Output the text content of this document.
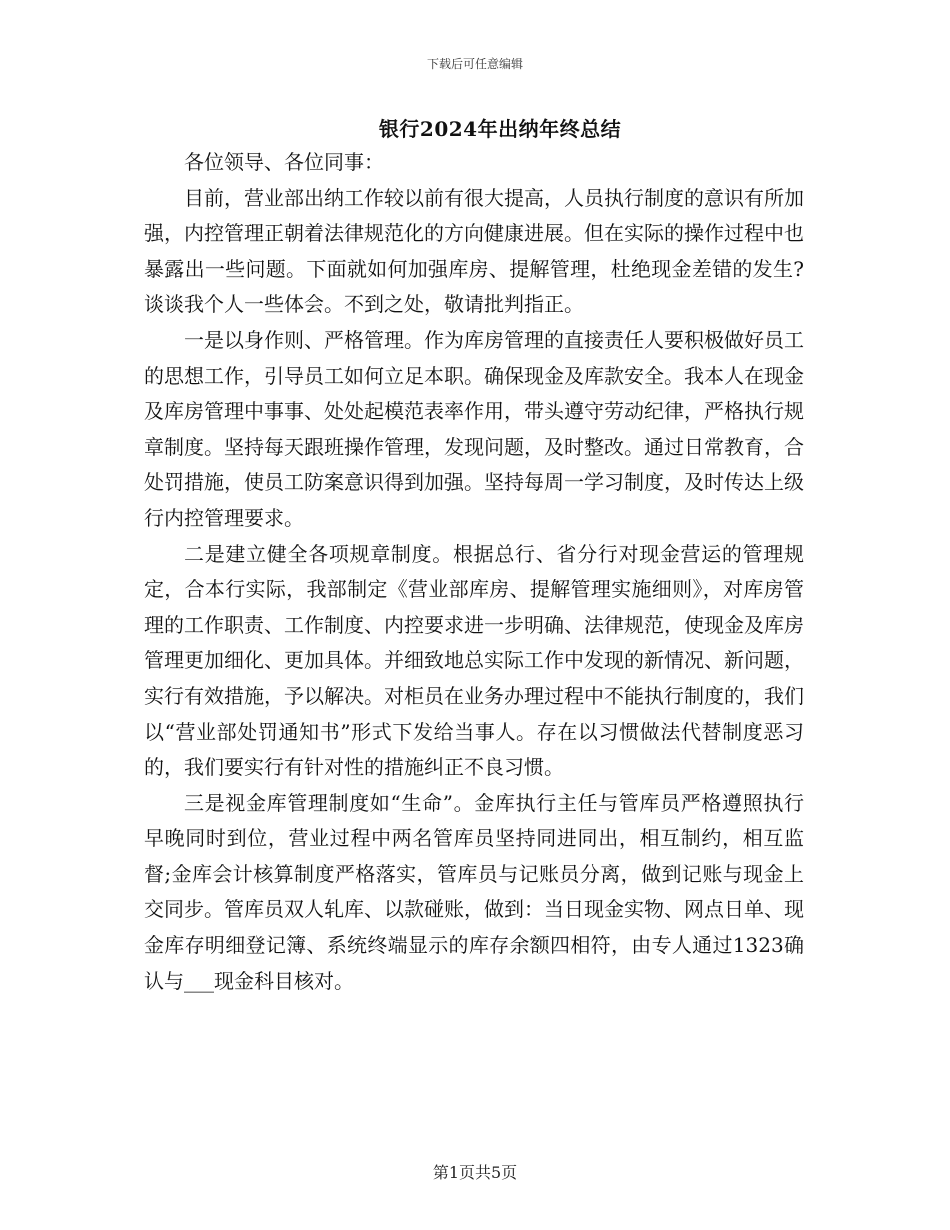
下载后可任意编辑
银行2024年出纳年终总结

各位领导、各位同事：

目前，营业部出纳工作较以前有很大提高，人员执行制度的意识有所加强，内控管理正朝着法律规范化的方向健康进展。但在实际的操作过程中也暴露出一些问题。下面就如何加强库房、提解管理，杜绝现金差错的发生?谈谈我个人一些体会。不到之处，敬请批判指正。

一是以身作则、严格管理。作为库房管理的直接责任人要积极做好员工的思想工作，引导员工如何立足本职。确保现金及库款安全。我本人在现金及库房管理中事事、处处起模范表率作用，带头遵守劳动纪律，严格执行规章制度。坚持每天跟班操作管理，发现问题，及时整改。通过日常教育，合处罚措施，使员工防案意识得到加强。坚持每周一学习制度，及时传达上级行内控管理要求。

二是建立健全各项规章制度。根据总行、省分行对现金营运的管理规定，合本行实际，我部制定《营业部库房、提解管理实施细则》，对库房管理的工作职责、工作制度、内控要求进一步明确、法律规范，使现金及库房管理更加细化、更加具体。并细致地总实际工作中发现的新情况、新问题，实行有效措施，予以解决。对柜员在业务办理过程中不能执行制度的，我们以“营业部处罚通知书”形式下发给当事人。存在以习惯做法代替制度恶习的，我们要实行有针对性的措施纠正不良习惯。

三是视金库管理制度如“生命”。金库执行主任与管库员严格遵照执行早晚同时到位，营业过程中两名管库员坚持同进同出，相互制约，相互监督;金库会计核算制度严格落实，管库员与记账员分离，做到记账与现金上交同步。管库员双人轧库、以款碰账，做到：当日现金实物、网点日单、现金库存明细登记簿、系统终端显示的库存余额四相符，由专人通过1323确认与___现金科目核对。

第1页共5页
